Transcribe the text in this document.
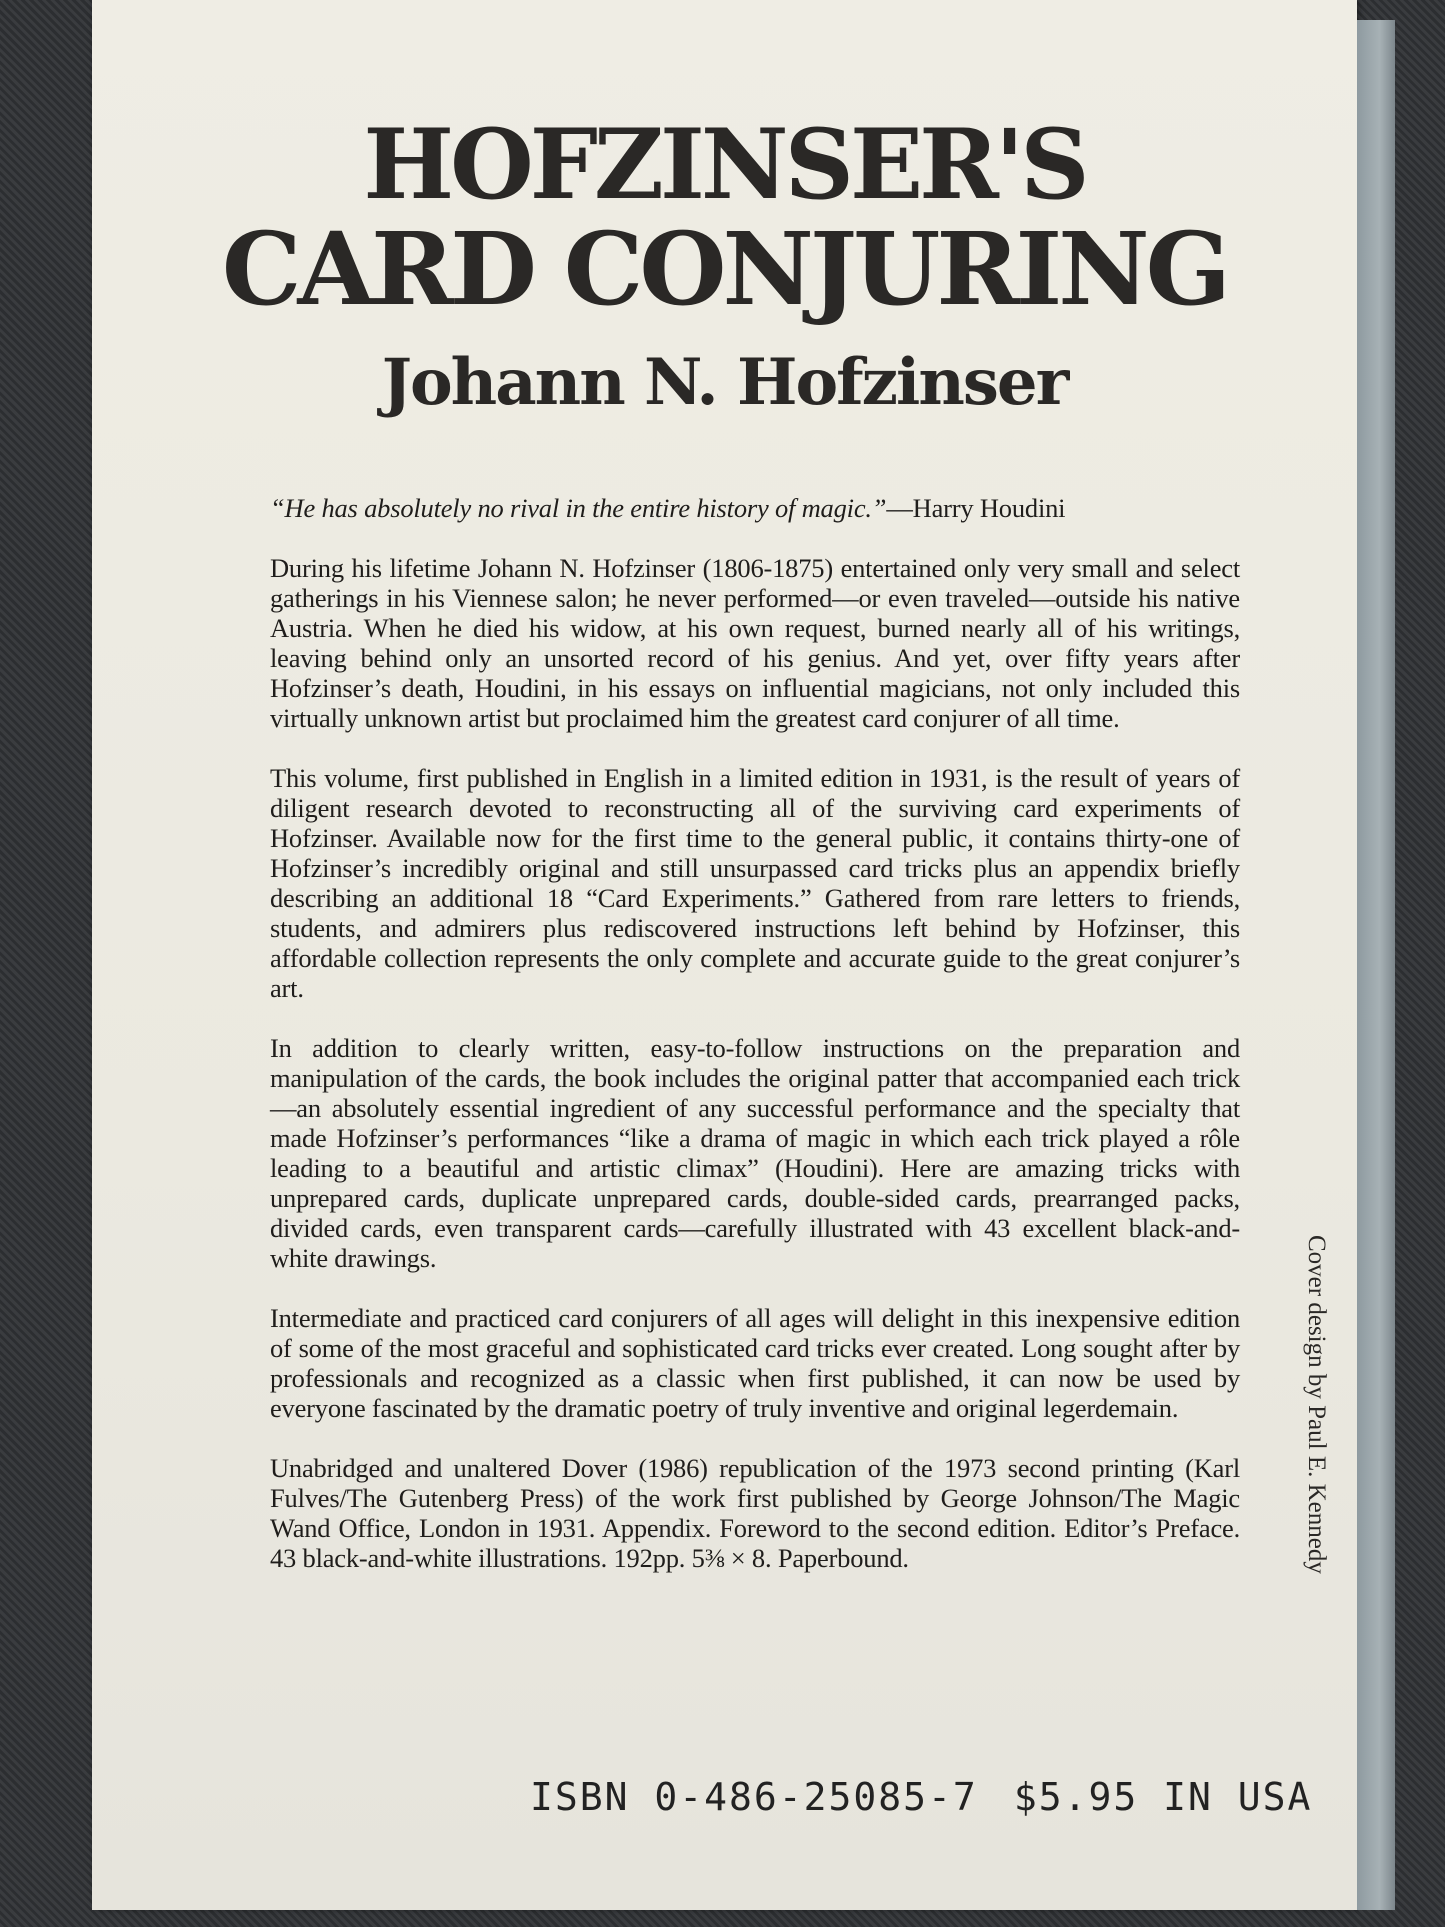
HOFZINSER'S
CARD CONJURING
Johann N. Hofzinser

“He has absolutely no rival in the entire history of magic.”—Harry Houdini

During his lifetime Johann N. Hofzinser (1806-1875) entertained only very small and select gatherings in his Viennese salon; he never performed—or even traveled—outside his native Austria. When he died his widow, at his own request, burned nearly all of his writings, leaving behind only an unsorted record of his genius. And yet, over fifty years after Hofzinser’s death, Houdini, in his essays on influential magicians, not only included this virtually unknown artist but proclaimed him the greatest card conjurer of all time.

This volume, first published in English in a limited edition in 1931, is the result of years of diligent research devoted to reconstructing all of the surviving card experiments of Hofzinser. Available now for the first time to the general public, it contains thirty-one of Hofzinser’s incredibly original and still unsurpassed card tricks plus an appendix briefly describing an additional 18 “Card Experiments.” Gathered from rare letters to friends, students, and admirers plus rediscovered instructions left behind by Hofzinser, this affordable collection represents the only complete and accurate guide to the great conjurer’s art.

In addition to clearly written, easy-to-follow instructions on the preparation and manipulation of the cards, the book includes the original patter that accompanied each trick—an absolutely essential ingredient of any successful performance and the specialty that made Hofzinser’s performances “like a drama of magic in which each trick played a rôle leading to a beautiful and artistic climax” (Houdini). Here are amazing tricks with unprepared cards, duplicate unprepared cards, double-sided cards, prearranged packs, divided cards, even transparent cards—carefully illustrated with 43 excellent black-and-white drawings.

Intermediate and practiced card conjurers of all ages will delight in this inexpensive edition of some of the most graceful and sophisticated card tricks ever created. Long sought after by professionals and recognized as a classic when first published, it can now be used by everyone fascinated by the dramatic poetry of truly inventive and original legerdemain.

Unabridged and unaltered Dover (1986) republication of the 1973 second printing (Karl Fulves/The Gutenberg Press) of the work first published by George Johnson/The Magic Wand Office, London in 1931. Appendix. Foreword to the second edition. Editor’s Preface. 43 black-and-white illustrations. 192pp. 5⅜ × 8. Paperbound.

ISBN 0-486-25085-7 $5.95 IN USA
Cover design by Paul E. Kennedy
